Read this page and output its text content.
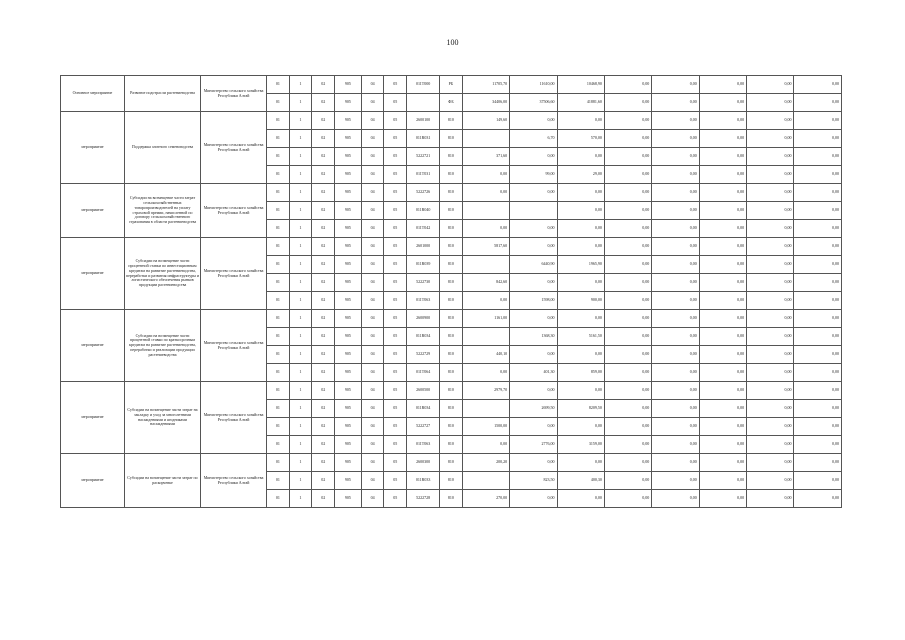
100
Основное мероприятие	Развитие подотрасли растениеводства	Министерство сельского хозяйства Республики Алтай	01	1	02	905	04	05	011Т000	РБ	11705,70	11610,00	10468,90	0,00	0,00	0,00	0,00	0,00
			01	1	02	905	04	05		ФБ	34406,00	37506,60	41881,60	0,00	0,00	0,00	0,00	0,00
мероприятие	Поддержка элитного семеноводства	Министерство сельского хозяйства Республики Алтай	01	1	02	905	04	05	2600100	810	149,60	0,00	0,00	0,00	0,00	0,00	0,00	0,00
			01	1	02	905	04	05	011R031	810		6,70	570,00	0,00	0,00	0,00	0,00	0,00
			01	1	02	905	04	05	5222721	810	371,60	0,00	0,00	0,00	0,00	0,00	0,00	0,00
			01	1	02	905	04	05	011Т031	810	0,00	99,00	29,00	0,00	0,00	0,00	0,00	0,00
мероприятие	Субсидии на возмещение части затрат сельскохозяйственных товаропроизводителей на уплату страховой премии, начисленной по договору сельскохозяйственного страхования в области растениеводства	Министерство сельского хозяйства Республики Алтай	01	1	02	905	04	05	5222726	810	0,00	0,00	0,00	0,00	0,00	0,00	0,00	0,00
			01	1	02	905	04	05	011R040	810			0,00	0,00	0,00	0,00	0,00	0,00
			01	1	02	905	04	05	011Т042	810	0,00	0,00	0,00	0,00	0,00	0,00	0,00	0,00
мероприятие	Субсидии на возмещение части процентной ставки по инвестиционным кредитам на развитие растениеводства, переработки и развития инфраструктуры и логистического обеспечения рынков продукции растениеводства	Министерство сельского хозяйства Республики Алтай	01	1	02	905	04	05	2601000	810	5817,60	0,00	0,00	0,00	0,00	0,00	0,00	0,00
			01	1	02	905	04	05	011R039	810		6440,90	1965,90	0,00	0,00	0,00	0,00	0,00
			01	1	02	905	04	05	5222730	810	842,60	0,00	0,00	0,00	0,00	0,00	0,00	0,00
			01	1	02	905	04	05	011Т063	810	0,00	1598,00	900,00	0,00	0,00	0,00	0,00	0,00
мероприятие	Субсидии на возмещение части процентной ставки по краткосрочным кредитам на развитие растениеводства, переработки и реализации продукции растениеводства	Министерство сельского хозяйства Республики Алтай	01	1	02	905	04	05	2600900	810	1161,00	0,00	0,00	0,00	0,00	0,00	0,00	0,00
			01	1	02	905	04	05	011R034	810		1368,30	5161,50	0,00	0,00	0,00	0,00	0,00
			01	1	02	905	04	05	5222729	810	440,10	0,00	0,00	0,00	0,00	0,00	0,00	0,00
			01	1	02	905	04	05	011Т064	810	0,00	401,30	859,00	0,00	0,00	0,00	0,00	0,00
мероприятие	Субсидии на возмещение части затрат на закладку и уход за многолетними насаждениями и ягодниками насаждениями	Министерство сельского хозяйства Республики Алтай	01	1	02	905	04	05	2600500	810	2979,70	0,00	0,00	0,00	0,00	0,00	0,00	0,00
			01	1	02	905	04	05	011R034	810		2699,50	8209,50	0,00	0,00	0,00	0,00	0,00
			01	1	02	905	04	05	5222727	810	1500,00	0,00	0,00	0,00	0,00	0,00	0,00	0,00
			01	1	02	905	04	05	011Т063	810	0,00	2776,00	3159,00	0,00	0,00	0,00	0,00	0,00
мероприятие	Субсидии на возмещение части затрат по раскорчевке	Министерство сельского хозяйства Республики Алтай	01	1	02	905	04	05	2600300	810	200,20	0,00	0,00	0,00	0,00	0,00	0,00	0,00
			01	1	02	905	04	05	011R033	810		823,50	400,30	0,00	0,00	0,00	0,00	0,00
			01	1	02	905	04	05	5222728	810	270,00	0,00	0,00	0,00	0,00	0,00	0,00	0,00
